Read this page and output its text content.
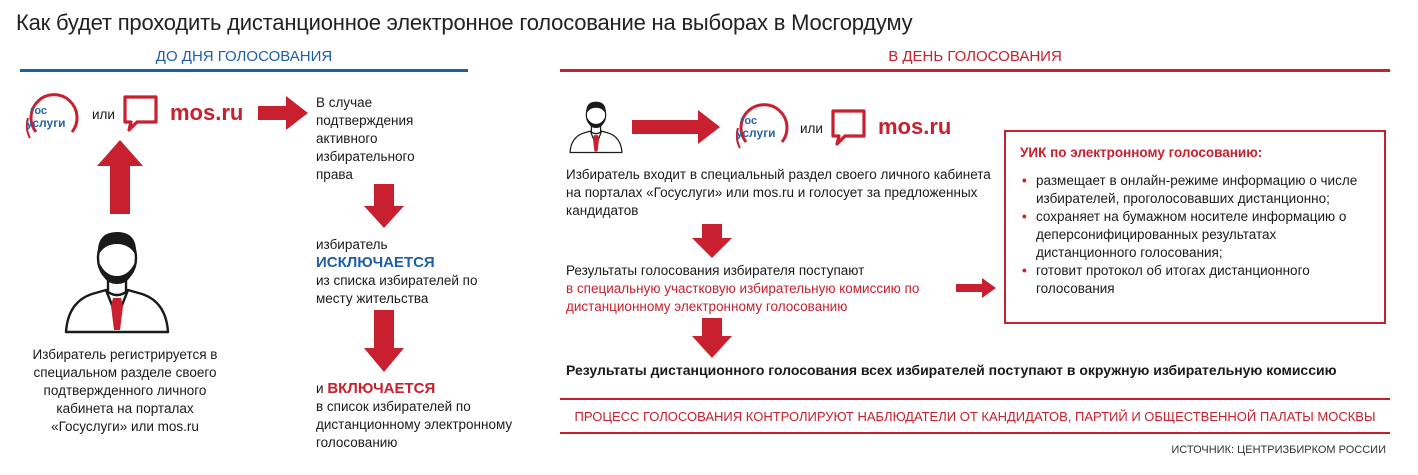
Как будет проходить дистанционное электронное голосование на выборах в Мосгордуму
ДО ДНЯ ГОЛОСОВАНИЯ
гос
услуги
или	mos.ru
Избиратель регистрируется в специальном разделе своего подтвержденного личного кабинета на порталах «Госуслуги» или mos.ru
В случае подтверждения активного избирательного права
избиратель
ИСКЛЮЧАЕТСЯ
из списка избирателей по месту жительства
и ВКЛЮЧАЕТСЯ
в список избирателей по дистанционному электронному голосованию
В ДЕНЬ ГОЛОСОВАНИЯ
гос
услуги или	mos.ru
Избиратель входит в специальный раздел своего личного кабинета на порталах «Госуслуги» или mos.ru и голосует за предложенных кандидатов
Результаты голосования избирателя поступают
в специальную участковую избирательную комиссию по дистанционному электронному голосованию
УИК по электронному голосованию:
• размещает в онлайн-режиме информацию о числе избирателей, проголосовавших дистанционно;
• сохраняет на бумажном носителе информацию о деперсонифицированных результатах дистанционного голосования;
• готовит протокол об итогах дистанционного голосования
Результаты дистанционного голосования всех избирателей поступают в окружную избирательную комиссию
ПРОЦЕСС ГОЛОСОВАНИЯ КОНТРОЛИРУЮТ НАБЛЮДАТЕЛИ ОТ КАНДИДАТОВ, ПАРТИЙ И ОБЩЕСТВЕННОЙ ПАЛАТЫ МОСКВЫ
ИСТОЧНИК: ЦЕНТРИЗБИРКОМ РОССИИ
